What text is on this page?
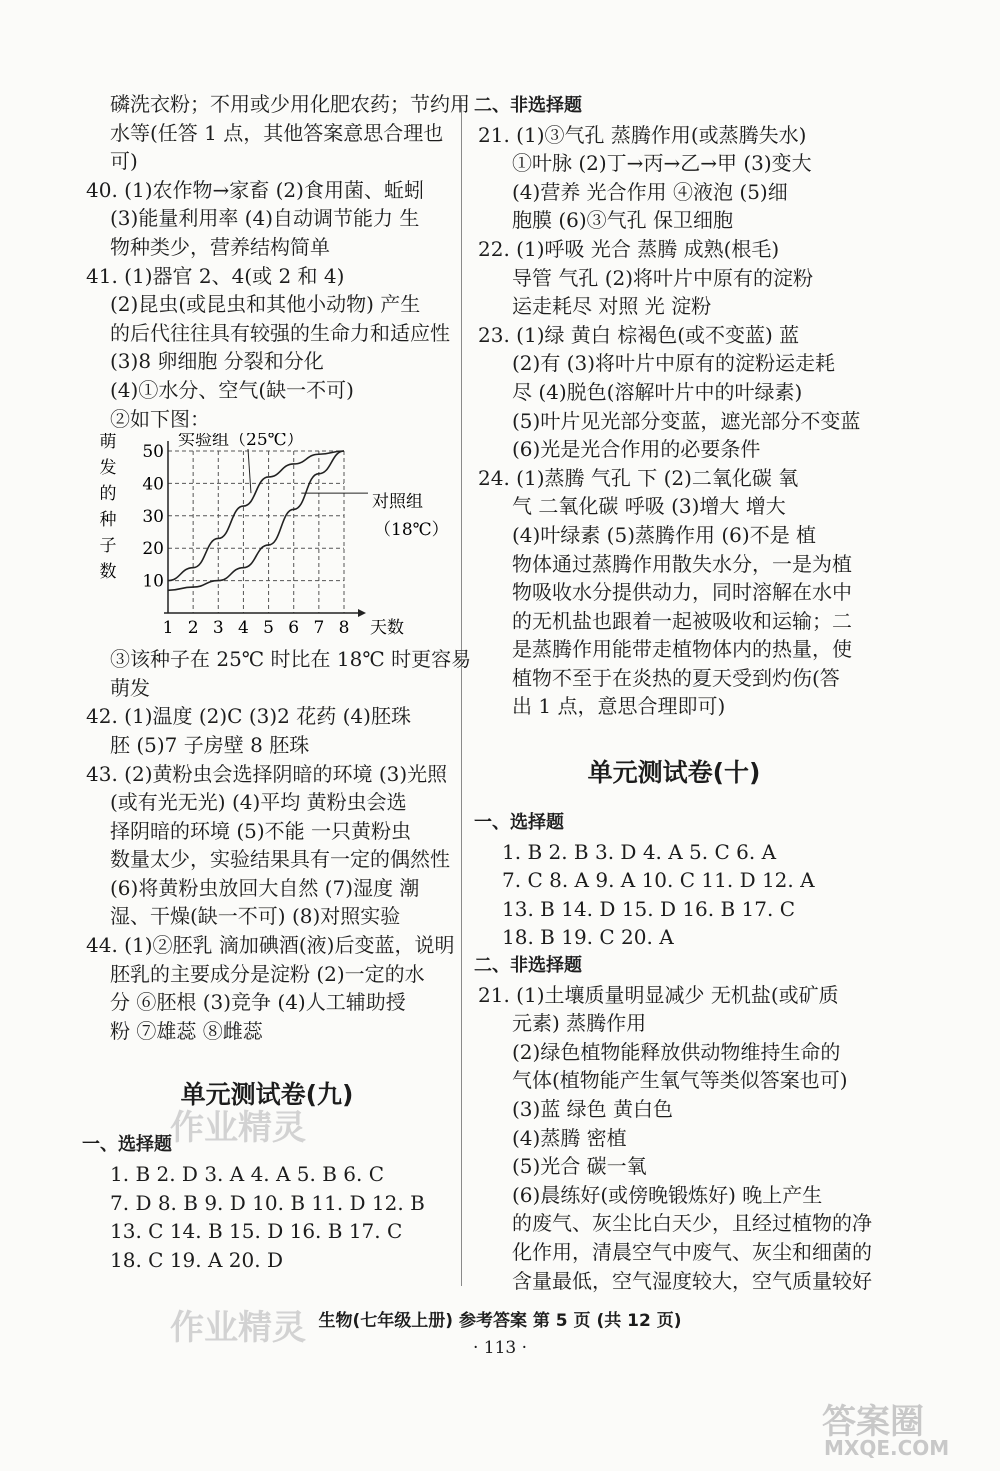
磷洗衣粉；不用或少用化肥农药；节约用
水等(任答 1 点，其他答案意思合理也
可)
40. (1)农作物→家畜 (2)食用菌、蚯蚓
(3)能量利用率 (4)自动调节能力 生
物种类少，营养结构简单
41. (1)器官 2、4(或 2 和 4)
(2)昆虫(或昆虫和其他小动物) 产生
的后代往往具有较强的生命力和适应性
(3)8 卵细胞 分裂和分化
(4)①水分、空气(缺一不可)
②如下图：
1 2 3 4 5 6 7 8
10
20
30
40
50
天数
萌
发
的
种
子
数
实验组（25℃）
对照组
（18℃）
③该种子在 25℃ 时比在 18℃ 时更容易
萌发
42. (1)温度 (2)C (3)2 花药 (4)胚珠
胚 (5)7 子房壁 8 胚珠
43. (2)黄粉虫会选择阴暗的环境 (3)光照
(或有光无光) (4)平均 黄粉虫会选
择阴暗的环境 (5)不能 一只黄粉虫
数量太少，实验结果具有一定的偶然性
(6)将黄粉虫放回大自然 (7)湿度 潮
湿、干燥(缺一不可) (8)对照实验
44. (1)②胚乳 滴加碘酒(液)后变蓝，说明
胚乳的主要成分是淀粉 (2)一定的水
分 ⑥胚根 (3)竞争 (4)人工辅助授
粉 ⑦雄蕊 ⑧雌蕊
单元测试卷(九)
一、选择题
1. B 2. D 3. A 4. A 5. B 6. C
7. D 8. B 9. D 10. B 11. D 12. B
13. C 14. B 15. D 16. B 17. C
18. C 19. A 20. D
二、非选择题
21. (1)③气孔 蒸腾作用(或蒸腾失水)
①叶脉 (2)丁→丙→乙→甲 (3)变大
(4)营养 光合作用 ④液泡 (5)细
胞膜 (6)③气孔 保卫细胞
22. (1)呼吸 光合 蒸腾 成熟(根毛)
导管 气孔 (2)将叶片中原有的淀粉
运走耗尽 对照 光 淀粉
23. (1)绿 黄白 棕褐色(或不变蓝) 蓝
(2)有 (3)将叶片中原有的淀粉运走耗
尽 (4)脱色(溶解叶片中的叶绿素)
(5)叶片见光部分变蓝，遮光部分不变蓝
(6)光是光合作用的必要条件
24. (1)蒸腾 气孔 下 (2)二氧化碳 氧
气 二氧化碳 呼吸 (3)增大 增大
(4)叶绿素 (5)蒸腾作用 (6)不是 植
物体通过蒸腾作用散失水分，一是为植
物吸收水分提供动力，同时溶解在水中
的无机盐也跟着一起被吸收和运输；二
是蒸腾作用能带走植物体内的热量，使
植物不至于在炎热的夏天受到灼伤(答
出 1 点，意思合理即可)
单元测试卷(十)
一、选择题
1. B 2. B 3. D 4. A 5. C 6. A
7. C 8. A 9. A 10. C 11. D 12. A
13. B 14. D 15. D 16. B 17. C
18. B 19. C 20. A
二、非选择题
21. (1)土壤质量明显减少 无机盐(或矿质
元素) 蒸腾作用
(2)绿色植物能释放供动物维持生命的
气体(植物能产生氧气等类似答案也可)
(3)蓝 绿色 黄白色
(4)蒸腾 密植
(5)光合 碳一氧
(6)晨练好(或傍晚锻炼好) 晚上产生
的废气、灰尘比白天少，且经过植物的净
化作用，清晨空气中废气、灰尘和细菌的
含量最低，空气湿度较大，空气质量较好
生物(七年级上册) 参考答案 第 5 页 (共 12 页)
· 113 ·
作业精灵
作业精灵
答案圈
MXQE.COM
